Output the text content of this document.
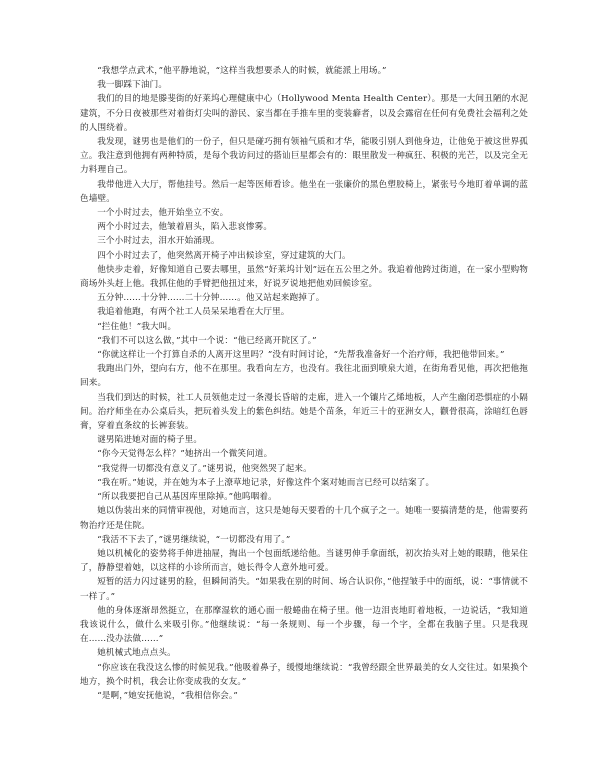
“我想学点武术，”他平静地说，“这样当我想要杀人的时候，就能派上用场。”

我一脚踩下油门。

我们的目的地是滕斐街的好莱坞心理健康中心（Hollywood Menta Health Center）。那是一大间丑陋的水泥建筑，不分日夜被那些对着街灯尖叫的游民、家当都在手推车里的变装癖者，以及会露宿在任何有免费社会福利之处的人围绕着。

我发现，谜男也是他们的一份子，但只是碰巧拥有领袖气质和才华，能吸引别人到他身边，让他免于被这世界孤立。我注意到他拥有两种特质，是每个我访问过的搭讪巨星都会有的：眼里散发一种疯狂、积极的光芒，以及完全无力料理自己。

我带他进入大厅，帮他挂号。然后一起等医师看诊。他坐在一张廉价的黑色塑胶椅上，紧张号今地盯着单调的蓝色墙壁。

一个小时过去，他开始坐立不安。

两个小时过去，他皱着眉头，陷入悲哀惨雾。

三个小时过去，泪水开始涌现。

四个小时过去了，他突然离开椅子冲出候诊室，穿过建筑的大门。

他快步走着，好像知道自己要去哪里，虽然“好莱坞计划”远在五公里之外。我追着他跨过街道，在一家小型购物商场外头赶上他。我抓住他的手臂把他扭过来，好说歹说地把他劝回候诊室。

五分钟……十分钟……二十分钟……。他又站起来跑掉了。

我追着他跑，有两个社工人员呆呆地看在大厅里。

“拦住他！”我大叫。

“我们不可以这么做，”其中一个说：“他已经离开院区了。”

“你就这样让一个打算自杀的人离开这里吗？”没有时间讨论，“先帮我准备好一个治疗师，我把他带回来。”

我跑出门外，望向右方，他不在那里。我看向左方，也没有。我往北面到喷泉大道，在街角看见他，再次把他拖回来。

当我们到达的时候，社工人员领他走过一条漫长昏暗的走廊，进入一个镶片乙烯地板，人产生幽闭恐惧症的小隔间。治疗师坐在办公桌后头，把玩着头发上的紫色纠结。她是个苗条，年近三十的亚洲女人，颧骨很高，涂暗红色唇膏，穿着直条纹的长裤套装。

谜男陷进她对面的椅子里。

“你今天觉得怎么样？”她挤出一个微笑问道。

“我觉得一切都没有意义了。”谜男说，他突然哭了起来。

“我在听。”她说，并在她为本子上潦草地记录，好像这件个案对她而言已经可以结案了。

“所以我要把自己从基因库里除掉。”他呜咽着。

她以伪装出来的同情审视他，对她而言，这只是她每天要看的十几个疯子之一。她唯一要搞清楚的是，他需要药物治疗还是住院。

“我活不下去了，”谜男继续说，“一切都没有用了。”

她以机械化的姿势将手伸进抽屉，掏出一个包面纸递给他。当谜男伸手拿面纸，初次抬头对上她的眼睛，他呆住了，静静望着她，以这样的小诊所而言，她长得令人意外地可爱。

短暂的活力闪过谜男的脸，但瞬间消失。“如果我在别的时间、场合认识你，”他捏皱手中的面纸，说：“事情就不一样了。”

他的身体逐渐昂然挺立，在那摩湿软的通心面一般蜷曲在椅子里。他一边泪丧地盯着地板，一边说话，“我知道我该说什么，做什么来吸引你。”他继续说：“每一条规则、每一个步骤，每一个字，全都在我脑子里。只是我现在……没办法做……”

她机械式地点点头。

“你应该在我没这么惨的时候见我。”他吸着鼻子，缓慢地继续说：“我曾经跟全世界最美的女人交往过。如果换个地方，换个时机，我会让你变成我的女友。”

“是啊，”她安抚他说，“我相信你会。”
